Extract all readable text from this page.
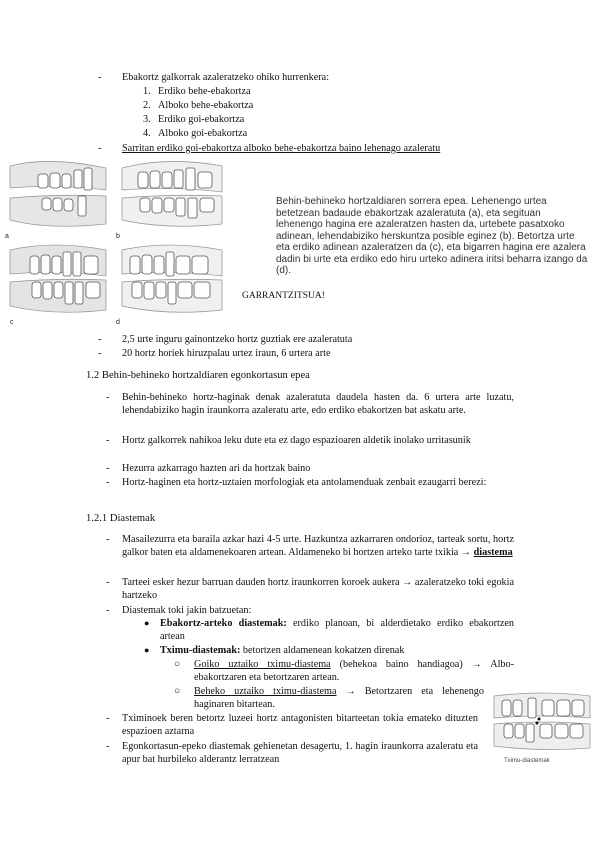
- Ebakortz galkorrak azaleratzeko ohiko hurrenkera:
1. Erdiko behe-ebakortza
2. Alboko behe-ebakortza
3. Erdiko goi-ebakortza
4. Alboko goi-ebakortza
- Sarritan erdiko goi-ebakortza alboko behe-ebakortza baino lehenago azaleratu
a	b
c	d
Behin-behineko hortzaldiaren sorrera epea. Lehenengo urtea betetzean badaude ebakortzak azaleratuta (a), eta segituan lehenengo hagina ere azaleratzen hasten da, urtebete pasatxoko adinean, lehendabiziko herskuntza posible eginez (b). Betortza urte eta erdiko adinean azaleratzen da (c), eta bigarren hagina ere azalera dadin bi urte eta erdiko edo hiru urteko adinera iritsi beharra izango da (d).
GARRANTZITSUA!
- 2,5 urte inguru gainontzeko hortz guztiak ere azaleratuta
- 20 hortz horiek hiruzpalau urtez iraun, 6 urtera arte
1.2 Behin-behineko hortzaldiaren egonkortasun epea
- Behin-behineko hortz-haginak denak azaleratuta daudela hasten da. 6 urtera arte luzatu, lehendabiziko hagin iraunkorra azaleratu arte, edo erdiko ebakortzen bat askatu arte.
- Hortz galkorrek nahikoa leku dute eta ez dago espazioaren aldetik inolako urritasunik
- Hezurra azkarrago hazten ari da hortzak baino
- Hortz-haginen eta hortz-uztaien morfologiak eta antolamenduak zenbait ezaugarri berezi:
1.2.1 Diastemak
- Masailezurra eta baraila azkar hazi 4-5 urte. Hazkuntza azkarraren ondorioz, tarteak sortu, hortz galkor baten eta aldamenekoaren artean. Aldameneko bi hortzen arteko tarte txikia → diastema
- Tarteei esker hezur barruan dauden hortz iraunkorren koroek aukera → azaleratzeko toki egokia hartzeko
- Diastemak toki jakin batzuetan:
● Ebakortz-arteko diastemak: erdiko planoan, bi alderdietako erdiko ebakortzen artean
● Tximu-diastemak: betortzen aldamenean kokatzen direnak
○ Goiko uztaiko tximu-diastema (behekoa baino handiagoa) → Albo-ebakortzaren eta betortzaren artean.
○ Beheko uztaiko tximu-diastema → Betortzaren eta lehenengo haginaren bitartean.
- Tximinoek beren betortz luzeei hortz antagonisten bitarteetan tokia emateko dituzten espazioen aztarna
- Egonkortasun-epeko diastemak gehienetan desagertu, 1. hagin iraunkorra azaleratu eta apur bat hurbileko alderantz lerratzean	Tximu-diastemak
